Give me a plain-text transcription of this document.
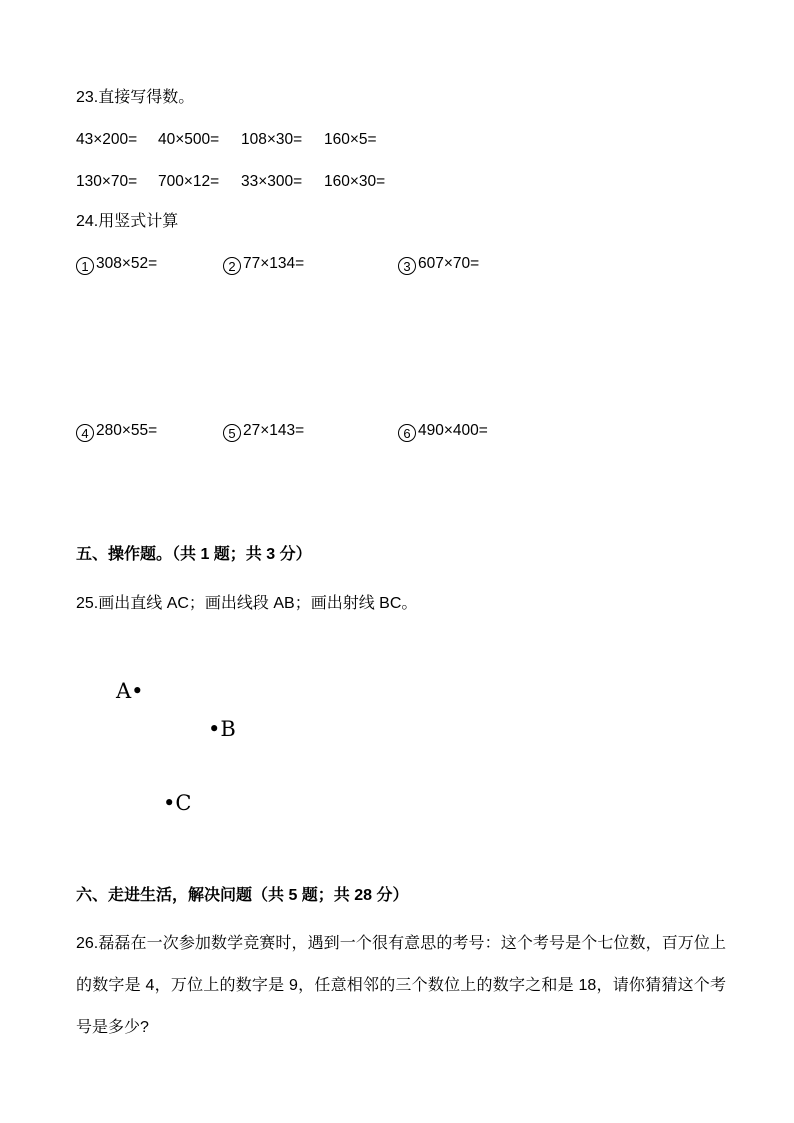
23.直接写得数。
43×200= 40×500= 108×30= 160×5=
130×70= 700×12= 33×300= 160×30=
24.用竖式计算
1 308×52=	2 77×134=	3 607×70=
4 280×55=	5 27×143=	6 490×400=
五、操作题。（共 1 题；共 3 分）
25.画出直线 AC；画出线段 AB；画出射线 BC。
A•
•B
•C
六、走进生活，解决问题（共 5 题；共 28 分）
26.磊磊在一次参加数学竞赛时，遇到一个很有意思的考号：这个考号是个七位数，百万位上的数字是 4，万位上的数字是 9，任意相邻的三个数位上的数字之和是 18，请你猜猜这个考号是多少?
